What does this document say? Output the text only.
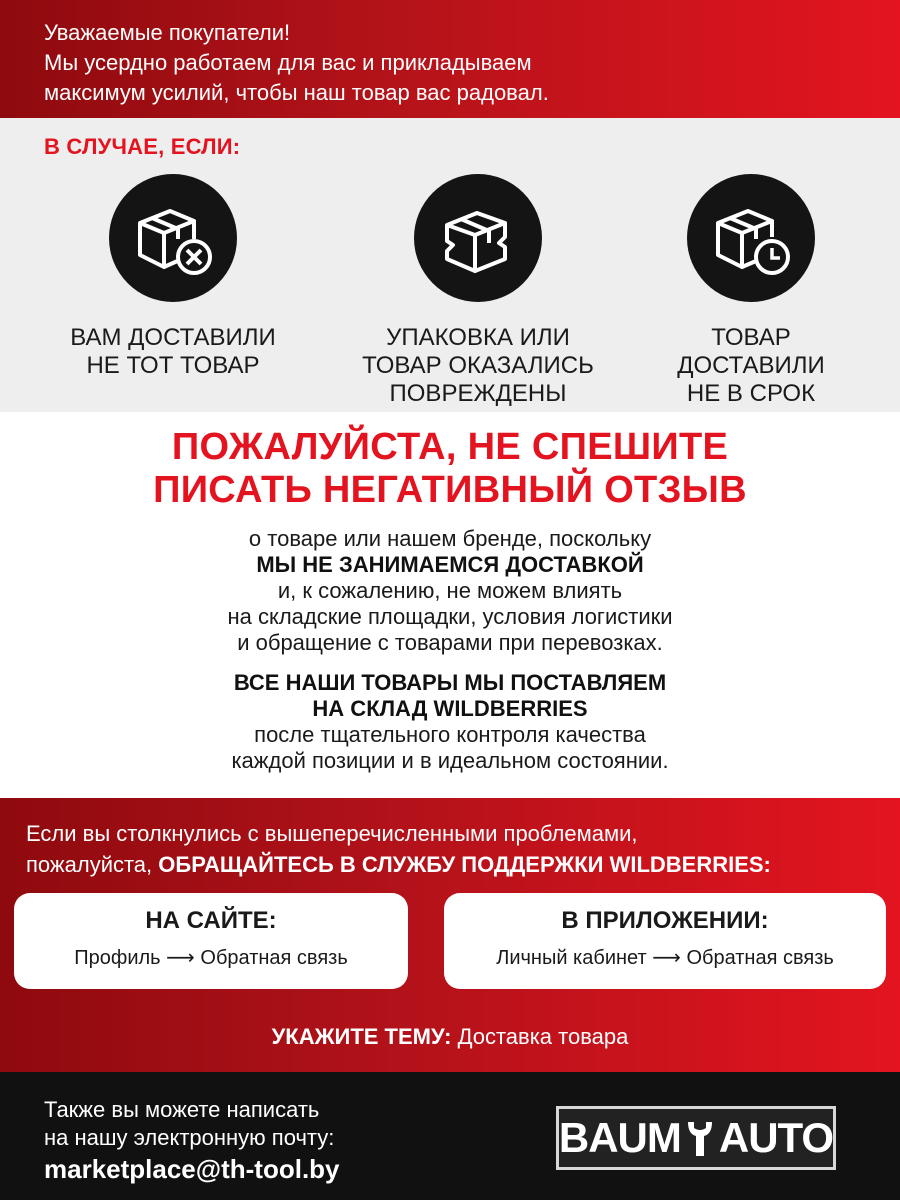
Уважаемые покупатели!

Мы усердно работаем для вас и прикладываем

максимум усилий, чтобы наш товар вас радовал.

В СЛУЧАЕ, ЕСЛИ:
ВАМ ДОСТАВИЛИ
НЕ ТОТ ТОВАР
УПАКОВКА ИЛИ
ТОВАР ОКАЗАЛИСЬ
ПОВРЕЖДЕНЫ
ТОВАР
ДОСТАВИЛИ
НЕ В СРОК
ПОЖАЛУЙСТА, НЕ СПЕШИТЕ
ПИСАТЬ НЕГАТИВНЫЙ ОТЗЫВ
о товаре или нашем бренде, поскольку
МЫ НЕ ЗАНИМАЕМСЯ ДОСТАВКОЙ
и, к сожалению, не можем влиять
на складские площадки, условия логистики
и обращение с товарами при перевозках.
ВСЕ НАШИ ТОВАРЫ МЫ ПОСТАВЛЯЕМ
НА СКЛАД WILDBERRIES
после тщательного контроля качества
каждой позиции и в идеальном состоянии.
Если вы столкнулись с вышеперечисленными проблемами,
пожалуйста, ОБРАЩАЙТЕСЬ В СЛУЖБУ ПОДДЕРЖКИ WILDBERRIES:
НА САЙТЕ:
Профиль ⟶ Обратная связь
В ПРИЛОЖЕНИИ:
Личный кабинет ⟶ Обратная связь
УКАЖИТЕ ТЕМУ: Доставка товара
Также вы можете написать
на нашу электронную почту:
marketplace@th-tool.by
BAUM AUTO
